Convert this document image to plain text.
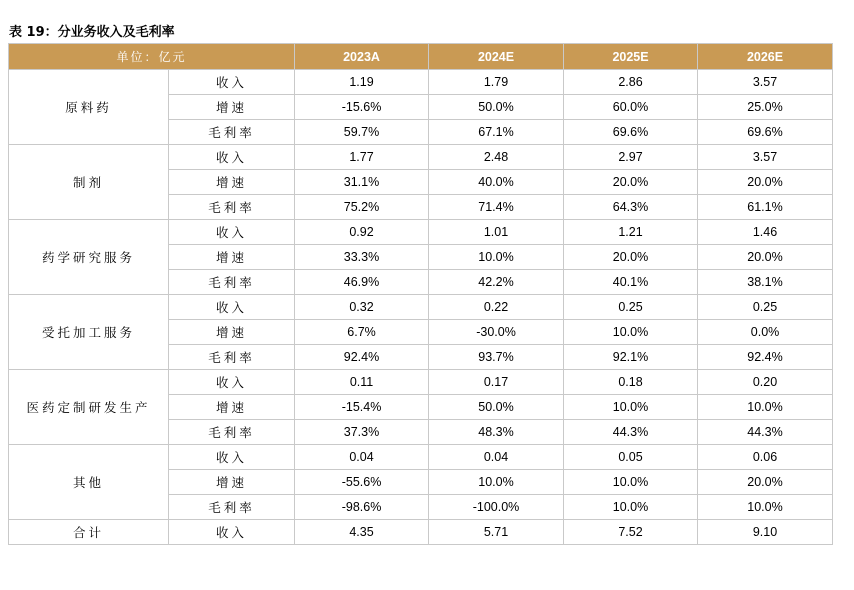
表 19：分业务收入及毛利率
单位：亿元		2023A	2024E	2025E	2026E
原料药	收入	1.19	1.79	2.86	3.57
	增速	-15.6%	50.0%	60.0%	25.0%
	毛利率	59.7%	67.1%	69.6%	69.6%
制剂	收入	1.77	2.48	2.97	3.57
	增速	31.1%	40.0%	20.0%	20.0%
	毛利率	75.2%	71.4%	64.3%	61.1%
药学研究服务	收入	0.92	1.01	1.21	1.46
	增速	33.3%	10.0%	20.0%	20.0%
	毛利率	46.9%	42.2%	40.1%	38.1%
受托加工服务	收入	0.32	0.22	0.25	0.25
	增速	6.7%	-30.0%	10.0%	0.0%
	毛利率	92.4%	93.7%	92.1%	92.4%
医药定制研发生产	收入	0.11	0.17	0.18	0.20
	增速	-15.4%	50.0%	10.0%	10.0%
	毛利率	37.3%	48.3%	44.3%	44.3%
其他	收入	0.04	0.04	0.05	0.06
	增速	-55.6%	10.0%	10.0%	20.0%
	毛利率	-98.6%	-100.0%	10.0%	10.0%
合计	收入	4.35	5.71	7.52	9.10
